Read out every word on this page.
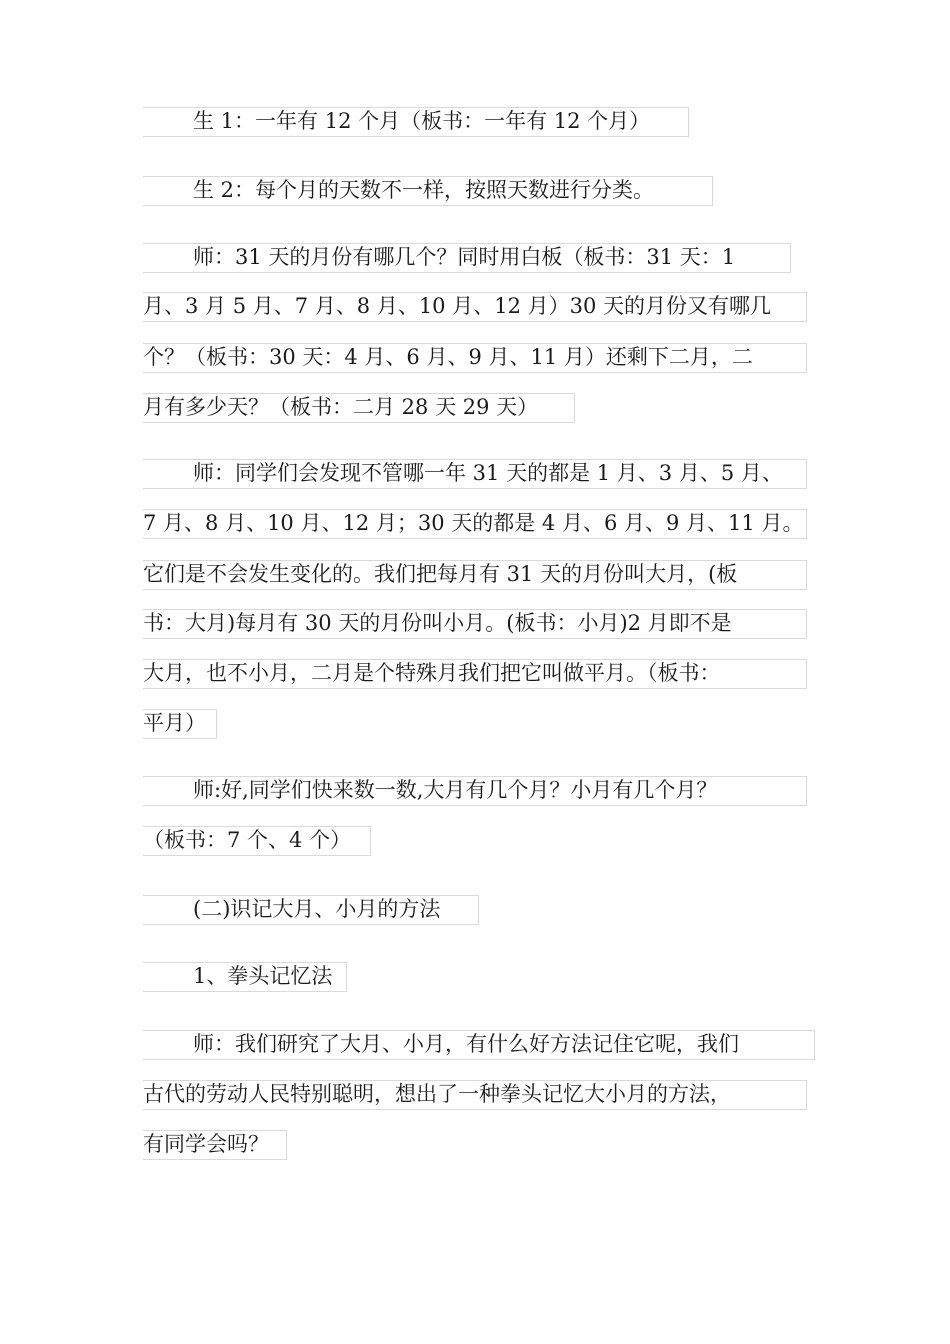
生 1：一年有 12 个月（板书：一年有 12 个月）
生 2：每个月的天数不一样，按照天数进行分类。
师：31 天的月份有哪几个？同时用白板（板书：31 天：1
月、3 月 5 月、7 月、8 月、10 月、12 月）30 天的月份又有哪几
个？（板书：30 天：4 月、6 月、9 月、11 月）还剩下二月，二
月有多少天？（板书：二月 28 天 29 天）
师：同学们会发现不管哪一年 31 天的都是 1 月、3 月、5 月、
7 月、8 月、10 月、12 月；30 天的都是 4 月、6 月、9 月、11 月。
它们是不会发生变化的。我们把每月有 31 天的月份叫大月，(板
书：大月)每月有 30 天的月份叫小月。(板书：小月)2 月即不是
大月，也不小月，二月是个特殊月我们把它叫做平月。（板书：
平月）
师:好,同学们快来数一数,大月有几个月？小月有几个月？
（板书：7 个、4 个）
(二)识记大月、小月的方法
1、拳头记忆法
师：我们研究了大月、小月，有什么好方法记住它呢，我们
古代的劳动人民特别聪明，想出了一种拳头记忆大小月的方法，
有同学会吗？
